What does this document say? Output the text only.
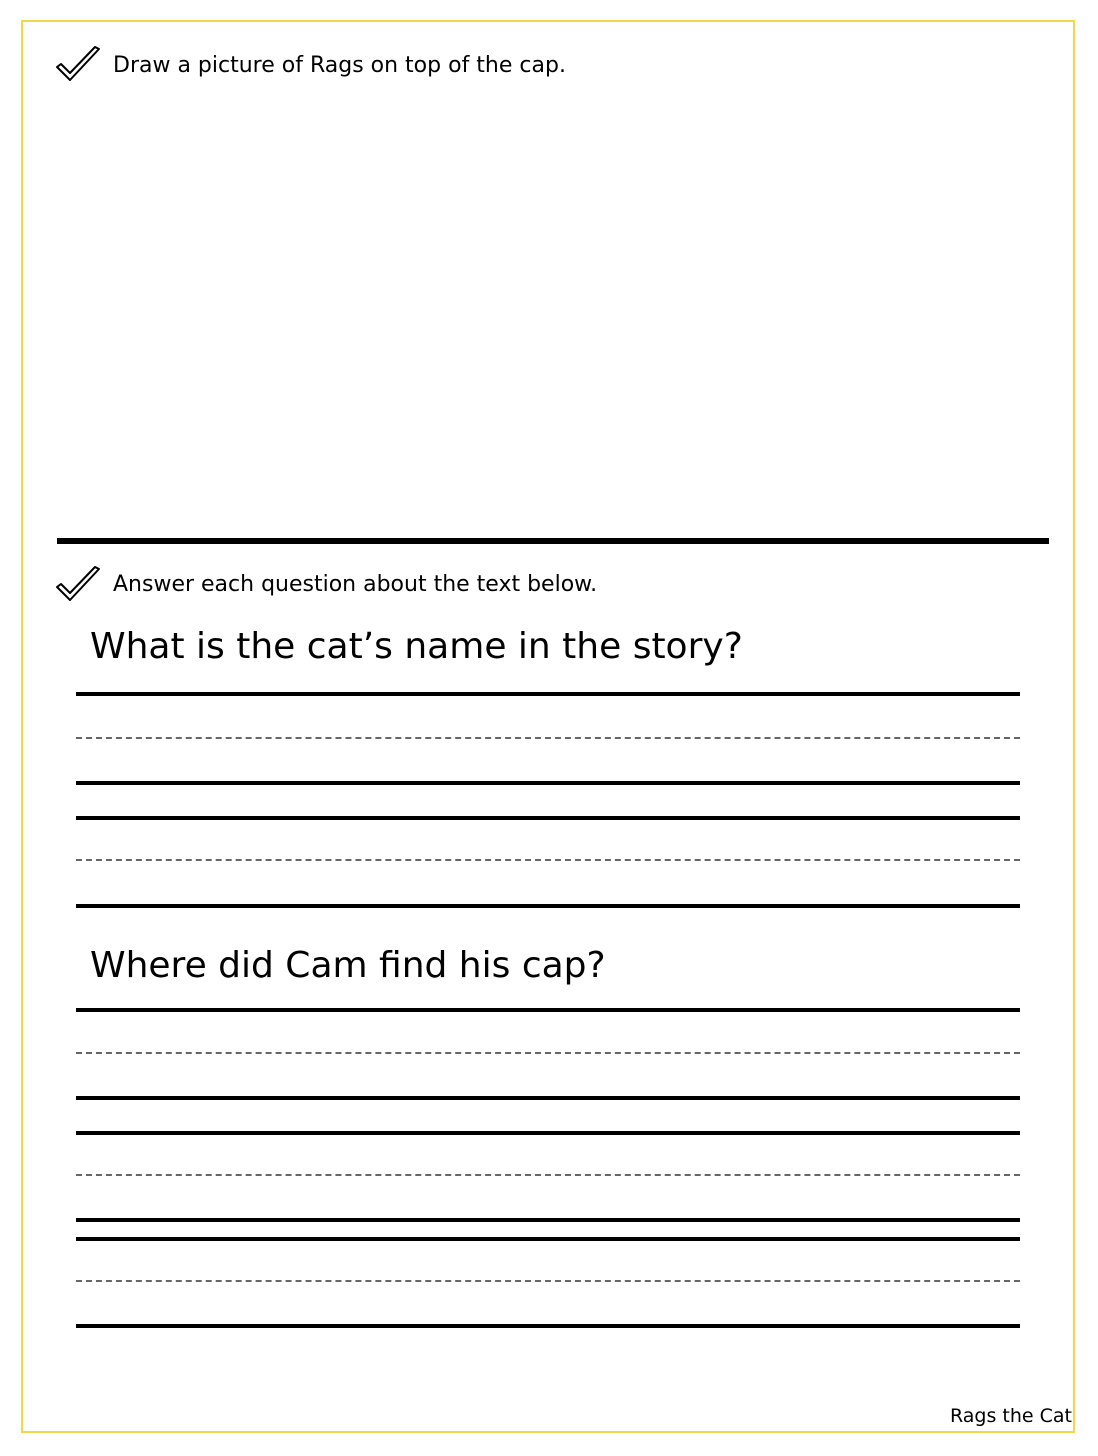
Draw a picture of Rags on top of the cap.
Answer each question about the text below.
What is the cat’s name in the story?
Where did Cam find his cap?
Rags the Cat
